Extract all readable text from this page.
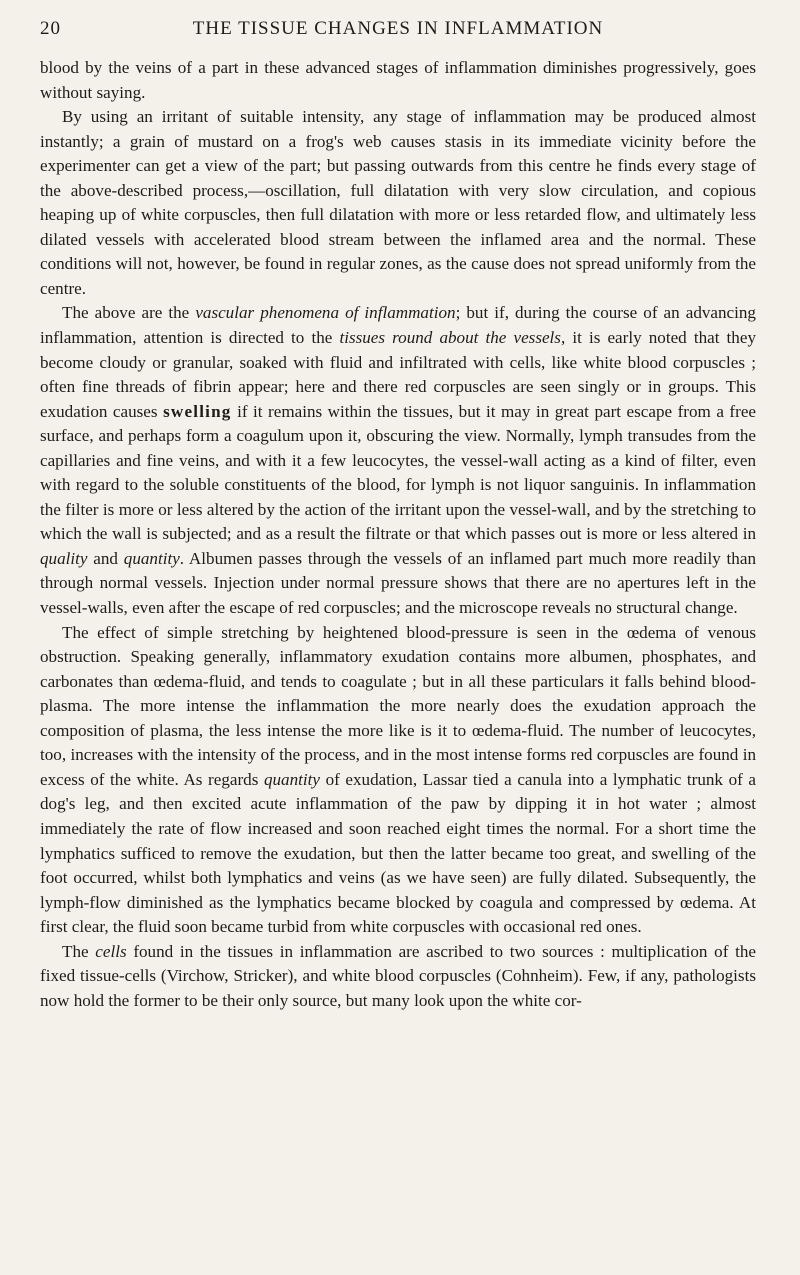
20	THE TISSUE CHANGES IN INFLAMMATION

blood by the veins of a part in these advanced stages of inflammation diminishes progressively, goes without saying.

By using an irritant of suitable intensity, any stage of inflammation may be produced almost instantly; a grain of mustard on a frog's web causes stasis in its immediate vicinity before the experimenter can get a view of the part; but passing outwards from this centre he finds every stage of the above-described process,—oscillation, full dilatation with very slow circulation, and copious heaping up of white corpuscles, then full dilatation with more or less retarded flow, and ultimately less dilated vessels with accelerated blood stream between the inflamed area and the normal. These conditions will not, however, be found in regular zones, as the cause does not spread uniformly from the centre.

The above are the vascular phenomena of inflammation; but if, during the course of an advancing inflammation, attention is directed to the tissues round about the vessels, it is early noted that they become cloudy or granular, soaked with fluid and infiltrated with cells, like white blood corpuscles ; often fine threads of fibrin appear; here and there red corpuscles are seen singly or in groups. This exudation causes swelling if it remains within the tissues, but it may in great part escape from a free surface, and perhaps form a coagulum upon it, obscuring the view. Normally, lymph transudes from the capillaries and fine veins, and with it a few leucocytes, the vessel-wall acting as a kind of filter, even with regard to the soluble constituents of the blood, for lymph is not liquor sanguinis. In inflammation the filter is more or less altered by the action of the irritant upon the vessel-wall, and by the stretching to which the wall is subjected; and as a result the filtrate or that which passes out is more or less altered in quality and quantity. Albumen passes through the vessels of an inflamed part much more readily than through normal vessels. Injection under normal pressure shows that there are no apertures left in the vessel-walls, even after the escape of red corpuscles; and the microscope reveals no structural change.

The effect of simple stretching by heightened blood-pressure is seen in the œdema of venous obstruction. Speaking generally, inflammatory exudation contains more albumen, phosphates, and carbonates than œdema-fluid, and tends to coagulate ; but in all these particulars it falls behind blood-plasma. The more intense the inflammation the more nearly does the exudation approach the composition of plasma, the less intense the more like is it to œdema-fluid. The number of leucocytes, too, increases with the intensity of the process, and in the most intense forms red corpuscles are found in excess of the white. As regards quantity of exudation, Lassar tied a canula into a lymphatic trunk of a dog's leg, and then excited acute inflammation of the paw by dipping it in hot water ; almost immediately the rate of flow increased and soon reached eight times the normal. For a short time the lymphatics sufficed to remove the exudation, but then the latter became too great, and swelling of the foot occurred, whilst both lymphatics and veins (as we have seen) are fully dilated. Subsequently, the lymph-flow diminished as the lymphatics became blocked by coagula and compressed by œdema. At first clear, the fluid soon became turbid from white corpuscles with occasional red ones.

The cells found in the tissues in inflammation are ascribed to two sources : multiplication of the fixed tissue-cells (Virchow, Stricker), and white blood corpuscles (Cohnheim). Few, if any, pathologists now hold the former to be their only source, but many look upon the white cor-
